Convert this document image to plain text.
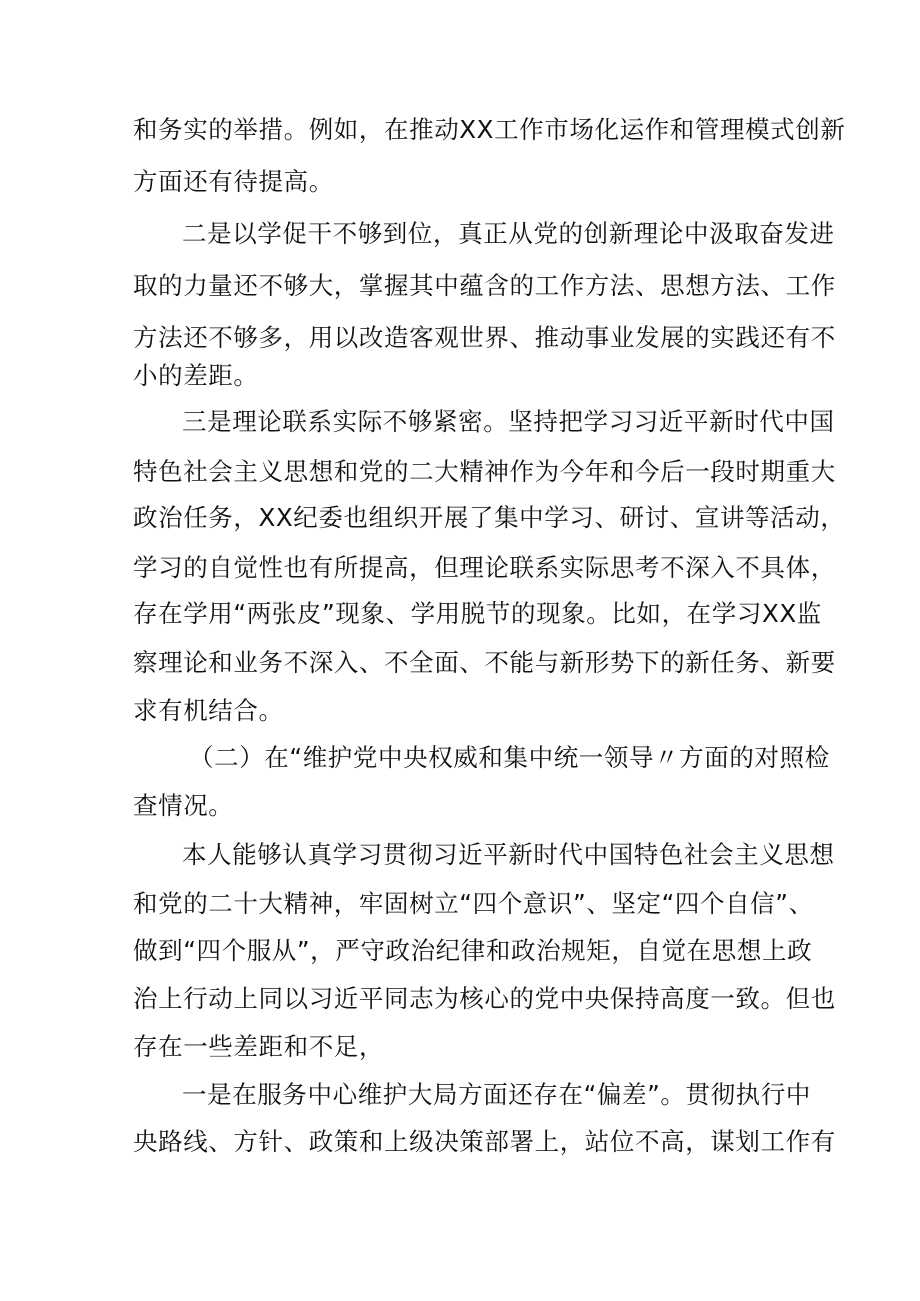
和务实的举措。例如，在推动XX工作市场化运作和管理模式创新
方面还有待提高。
二是以学促干不够到位，真正从党的创新理论中汲取奋发进
取的力量还不够大，掌握其中蕴含的工作方法、思想方法、工作
方法还不够多，用以改造客观世界、推动事业发展的实践还有不
小的差距。
三是理论联系实际不够紧密。坚持把学习习近平新时代中国
特色社会主义思想和党的二大精神作为今年和今后一段时期重大
政治任务，XX纪委也组织开展了集中学习、研讨、宣讲等活动，
学习的自觉性也有所提高，但理论联系实际思考不深入不具体，
存在学用“两张皮”现象、学用脱节的现象。比如，在学习XX监
察理论和业务不深入、不全面、不能与新形势下的新任务、新要
求有机结合。
（二）在“维护党中央权威和集中统一领导〃方面的对照检
查情况。
本人能够认真学习贯彻习近平新时代中国特色社会主义思想
和党的二十大精神，牢固树立“四个意识”、坚定“四个自信”、
做到“四个服从”，严守政治纪律和政治规矩，自觉在思想上政
治上行动上同以习近平同志为核心的党中央保持高度一致。但也
存在一些差距和不足，
一是在服务中心维护大局方面还存在“偏差”。贯彻执行中
央路线、方针、政策和上级决策部署上，站位不高，谋划工作有
